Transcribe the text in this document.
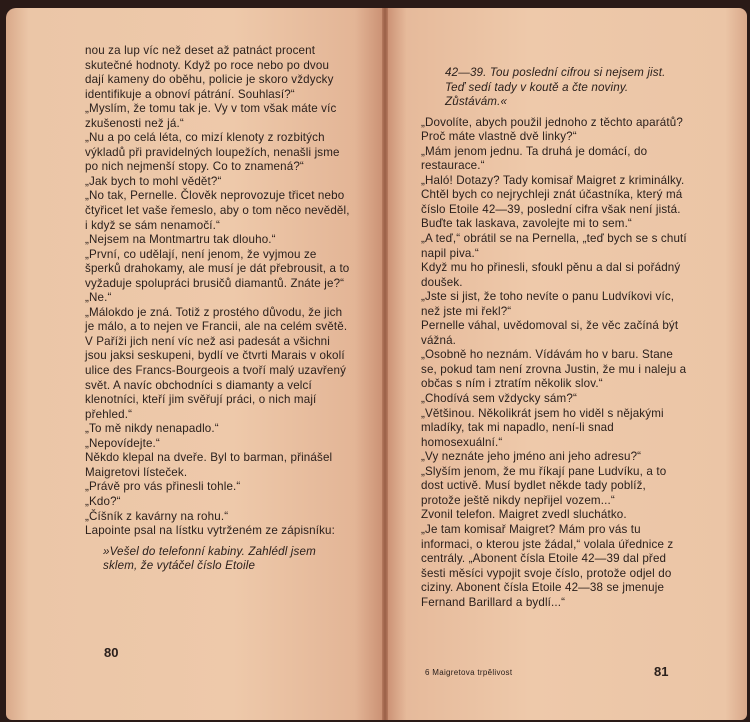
nou za lup víc než deset až patnáct procent skutečné hodnoty. Když po roce nebo po dvou dají kameny do oběhu, policie je skoro vždycky identifikuje a obnoví pátrání. Souhlasí?“

„Myslím, že tomu tak je. Vy v tom však máte víc zkušenosti než já.“

„Nu a po celá léta, co mizí klenoty z rozbitých výkladů při pravidelných loupežích, nenašli jsme po nich nejmenší stopy. Co to znamená?“

„Jak bych to mohl vědět?“

„No tak, Pernelle. Člověk neprovozuje třicet nebo čtyřicet let vaše řemeslo, aby o tom něco nevěděl, i když se sám nenamočí.“

„Nejsem na Montmartru tak dlouho.“

„První, co udělají, není jenom, že vyjmou ze šperků drahokamy, ale musí je dát přebrousit, a to vyžaduje spolupráci brusičů diamantů. Znáte je?“

„Ne.“

„Málokdo je zná. Totiž z prostého důvodu, že jich je málo, a to nejen ve Francii, ale na celém světě. V Paříži jich není víc než asi padesát a všichni jsou jaksi seskupeni, bydlí ve čtvrti Marais v okolí ulice des Francs-Bourgeois a tvoří malý uzavřený svět. A navíc obchodníci s diamanty a velcí klenotníci, kteří jim svěřují práci, o nich mají přehled.“

„To mě nikdy nenapadlo.“

„Nepovídejte.“

Někdo klepal na dveře. Byl to barman, přinášel Maigretovi lísteček.

„Právě pro vás přinesli tohle.“

„Kdo?“

„Číšník z kavárny na rohu.“

Lapointe psal na lístku vytrženém ze zápisníku:

»Vešel do telefonní kabiny. Zahlédl jsem sklem, že vytáčel číslo Etoile

80

42—39. Tou poslední cifrou si nejsem jist. Teď sedí tady v koutě a čte noviny. Zůstávám.«

„Dovolíte, abych použil jednoho z těchto aparátů? Proč máte vlastně dvě linky?“

„Mám jenom jednu. Ta druhá je domácí, do restaurace.“

„Haló! Dotazy? Tady komisař Maigret z kriminálky. Chtěl bych co nejrychleji znát účastníka, který má číslo Etoile 42—39, poslední cifra však není jistá. Buďte tak laskava, zavolejte mi to sem.“

„A teď,“ obrátil se na Pernella, „teď bych se s chutí napil piva.“

Když mu ho přinesli, sfoukl pěnu a dal si pořádný doušek.

„Jste si jist, že toho nevíte o panu Ludvíkovi víc, než jste mi řekl?“

Pernelle váhal, uvědomoval si, že věc začíná být vážná.

„Osobně ho neznám. Vídávám ho v baru. Stane se, pokud tam není zrovna Justin, že mu i naleju a občas s ním i ztratím několik slov.“

„Chodívá sem vždycky sám?“

„Většinou. Několikrát jsem ho viděl s nějakými mladíky, tak mi napadlo, není-li snad homosexuální.“

„Vy neznáte jeho jméno ani jeho adresu?“

„Slyším jenom, že mu říkají pane Ludvíku, a to dost uctivě. Musí bydlet někde tady poblíž, protože ještě nikdy nepřijel vozem...“

Zvonil telefon. Maigret zvedl sluchátko.

„Je tam komisař Maigret? Mám pro vás tu informaci, o kterou jste žádal,“ volala úřednice z centrály. „Abonent čísla Etoile 42—39 dal před šesti měsíci vypojit svoje číslo, protože odjel do ciziny. Abonent čísla Etoile 42—38 se jmenuje Fernand Barillard a bydlí...“

6 Maigretova trpělivost	81
